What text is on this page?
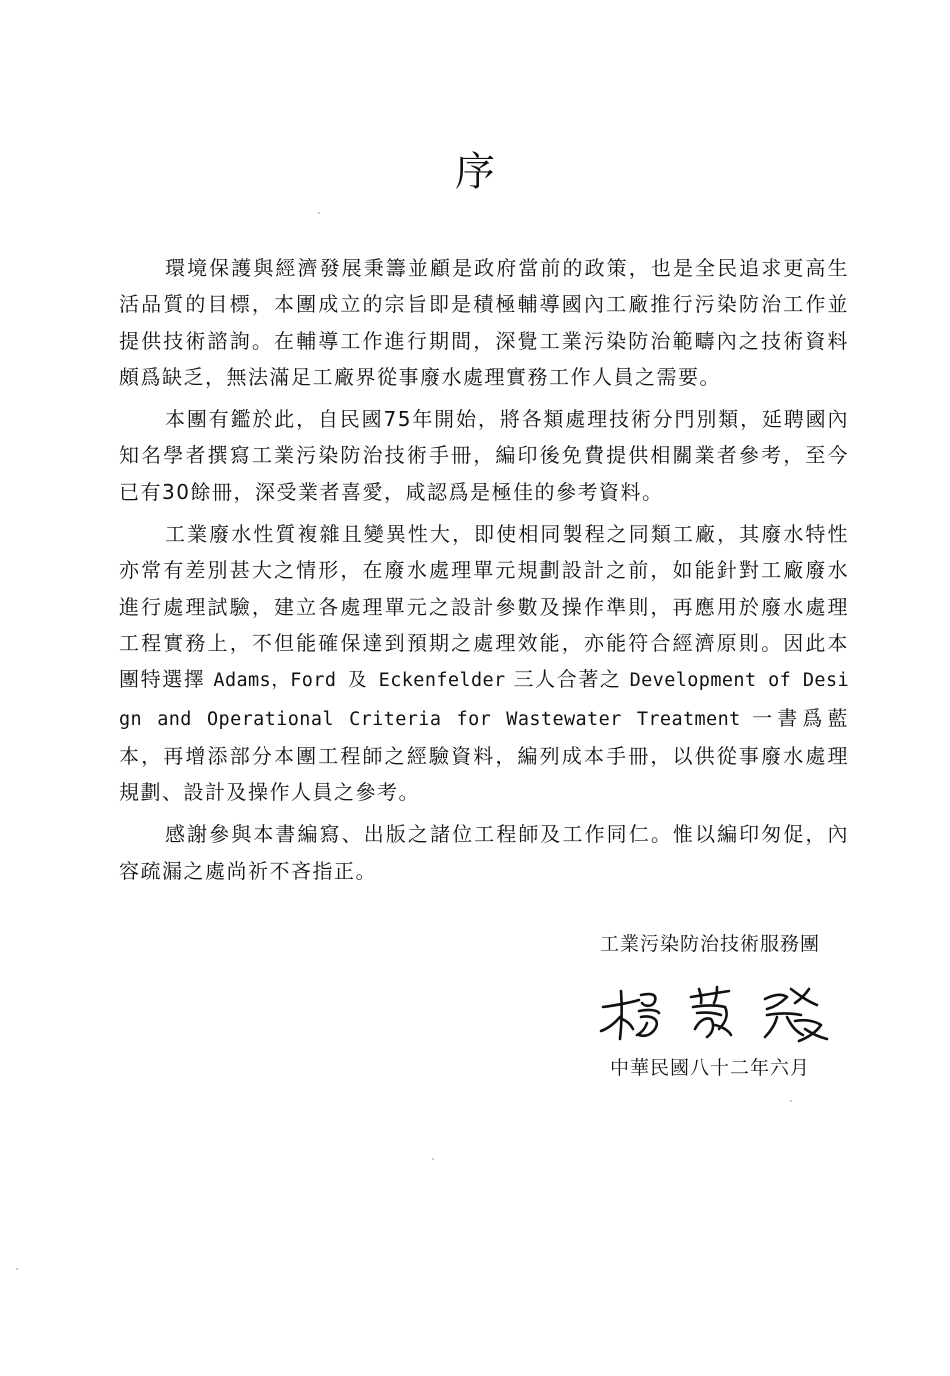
序

環境保護與經濟發展秉籌並顧是政府當前的政策，也是全民追求更高生活品質的目標，本團成立的宗旨即是積極輔導國內工廠推行污染防治工作並提供技術諮詢。在輔導工作進行期間，深覺工業污染防治範疇內之技術資料頗爲缺乏，無法滿足工廠界從事廢水處理實務工作人員之需要。

本團有鑑於此，自民國75年開始，將各類處理技術分門別類，延聘國內知名學者撰寫工業污染防治技術手冊，編印後免費提供相關業者參考，至今已有30餘冊，深受業者喜愛，咸認爲是極佳的參考資料。

工業廢水性質複雜且變異性大，即使相同製程之同類工廠，其廢水特性亦常有差別甚大之情形，在廢水處理單元規劃設計之前，如能針對工廠廢水進行處理試驗，建立各處理單元之設計參數及操作準則，再應用於廢水處理工程實務上，不但能確保達到預期之處理效能，亦能符合經濟原則。因此本團特選擇 Adams，Ford 及 Eckenfelder 三人合著之 Development of Design and Operational Criteria for Wastewater Treatment 一書爲藍本，再增添部分本團工程師之經驗資料，編列成本手冊，以供從事廢水處理規劃、設計及操作人員之參考。

感謝參與本書編寫、出版之諸位工程師及工作同仁。惟以編印匆促，內容疏漏之處尚祈不吝指正。

工業污染防治技術服務團

中華民國八十二年六月
